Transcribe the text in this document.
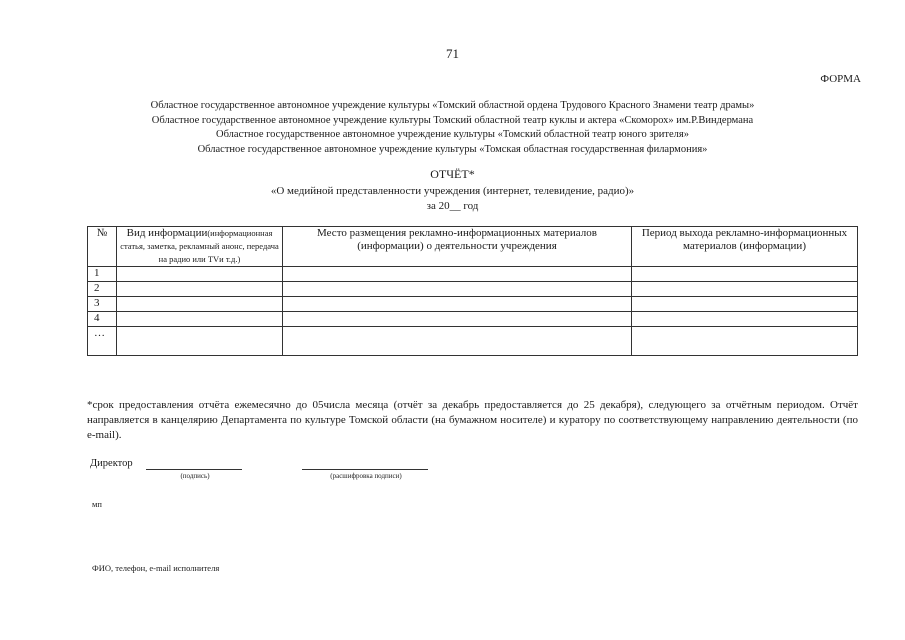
71
ФОРМА
Областное государственное автономное учреждение культуры «Томский областной ордена Трудового Красного Знамени театр драмы»
Областное государственное автономное учреждение культуры Томский областной театр куклы и актера «Скоморох» им.Р.Виндермана
Областное государственное автономное учреждение культуры «Томский областной театр юного зрителя»
Областное государственное автономное учреждение культуры «Томская областная государственная филармония»
ОТЧЁТ*
«О медийной представленности учреждения (интернет, телевидение, радио)»
за 20__ год
№	Вид информации(информационная статья, заметка, рекламный анонс, передача на радио или TVи т.д.)	Место размещения рекламно-информационных материалов (информации) о деятельности учреждения	Период выхода рекламно-информационных материалов (информации)
1			
2			
3			
4			
…			
*срок предоставления отчёта ежемесячно до 05числа месяца (отчёт за декабрь предоставляется до 25 декабря), следующего за отчётным периодом. Отчёт направляется в канцелярию Департамента по культуре Томской области (на бумажном носителе) и куратору по соответствующему направлению деятельности (по e-mail).
Директор
(подпись)	(расшифровка подписи)
мп
ФИО, телефон, e-mail исполнителя
